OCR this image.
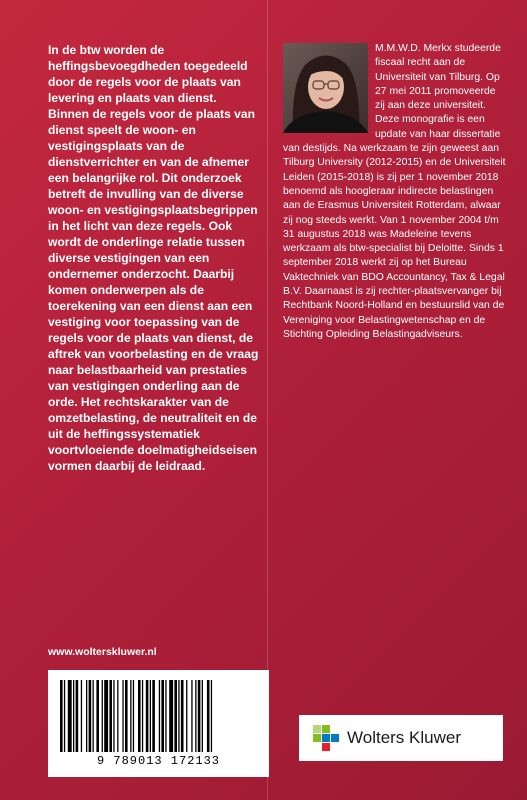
In de btw worden de heffingsbevoegdheden toegedeeld door de regels voor de plaats van levering en plaats van dienst. Binnen de regels voor de plaats van dienst speelt de woon- en vestigingsplaats van de dienstverrichter en van de afnemer een belangrijke rol. Dit onderzoek betreft de invulling van de diverse woon- en vestigingsplaatsbegrippen in het licht van deze regels. Ook wordt de onderlinge relatie tussen diverse vestigingen van een ondernemer onderzocht. Daarbij komen onderwerpen als de toerekening van een dienst aan een vestiging voor toepassing van de regels voor de plaats van dienst, de aftrek van voorbelasting en de vraag naar belastbaarheid van prestaties van vestigingen onderling aan de orde. Het rechtskarakter van de omzetbelasting, de neutraliteit en de uit de heffingssystematiek voortvloeiende doelmatigheidseisen vormen daarbij de leidraad.
M.M.W.D. Merkx studeerde fiscaal recht aan de Universiteit van Tilburg. Op 27 mei 2011 promoveerde zij aan deze universiteit. Deze monografie is een update van haar dissertatie van destijds. Na werkzaam te zijn geweest aan Tilburg University (2012-2015) en de Universiteit Leiden (2015-2018) is zij per 1 november 2018 benoemd als hoogleraar indirecte belastingen aan de Erasmus Universiteit Rotterdam, alwaar zij nog steeds werkt. Van 1 november 2004 t/m 31 augustus 2018 was Madeleine tevens werkzaam als btw-specialist bij Deloitte. Sinds 1 september 2018 werkt zij op het Bureau Vaktechniek van BDO Accountancy, Tax & Legal B.V. Daarnaast is zij rechter-plaatsvervanger bij Rechtbank Noord-Holland en bestuurslid van de Vereniging voor Belastingwetenschap en de Stichting Opleiding Belastingadviseurs.
www.wolterskluwer.nl
9 789013 172133
Wolters Kluwer
